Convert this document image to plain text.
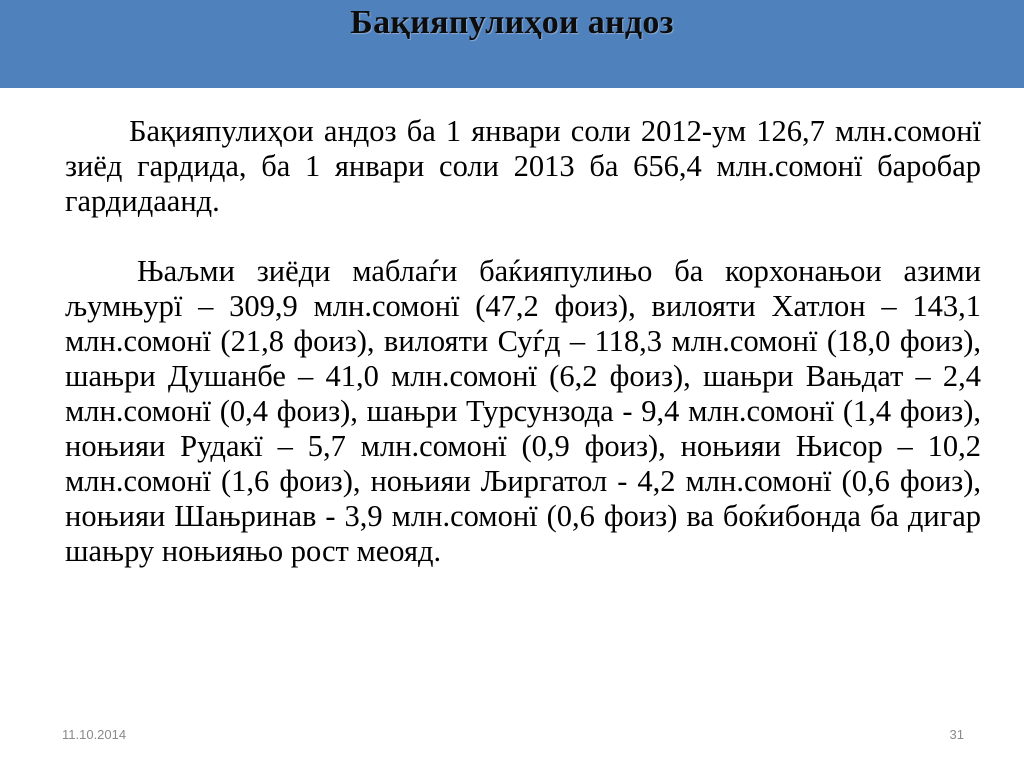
Бақияпулиҳои андоз

Бақияпулиҳои андоз ба 1 январи соли 2012-ум 126,7 млн.сомонї зиёд гардида, ба 1 январи соли 2013 ба 656,4 млн.сомонї баробар гардидаанд.

Њаљми зиёди маблаѓи баќияпулињо ба корхонањои азими љумњурї – 309,9 млн.сомонї (47,2 фоиз), вилояти Хатлон – 143,1 млн.сомонї (21,8 фоиз), вилояти Суѓд – 118,3 млн.сомонї (18,0 фоиз), шањри Душанбе – 41,0 млн.сомонї (6,2 фоиз), шањри Вањдат – 2,4 млн.сомонї (0,4 фоиз), шањри Турсунзода - 9,4 млн.сомонї (1,4 фоиз), ноњияи Рудакї – 5,7 млн.сомонї (0,9 фоиз), ноњияи Њисор – 10,2 млн.сомонї (1,6 фоиз), ноњияи Љиргатол - 4,2 млн.сомонї (0,6 фоиз), ноњияи Шањринав - 3,9 млн.сомонї (0,6 фоиз) ва боќибонда ба дигар шањру ноњияњо рост меояд.

11.10.2014	31
